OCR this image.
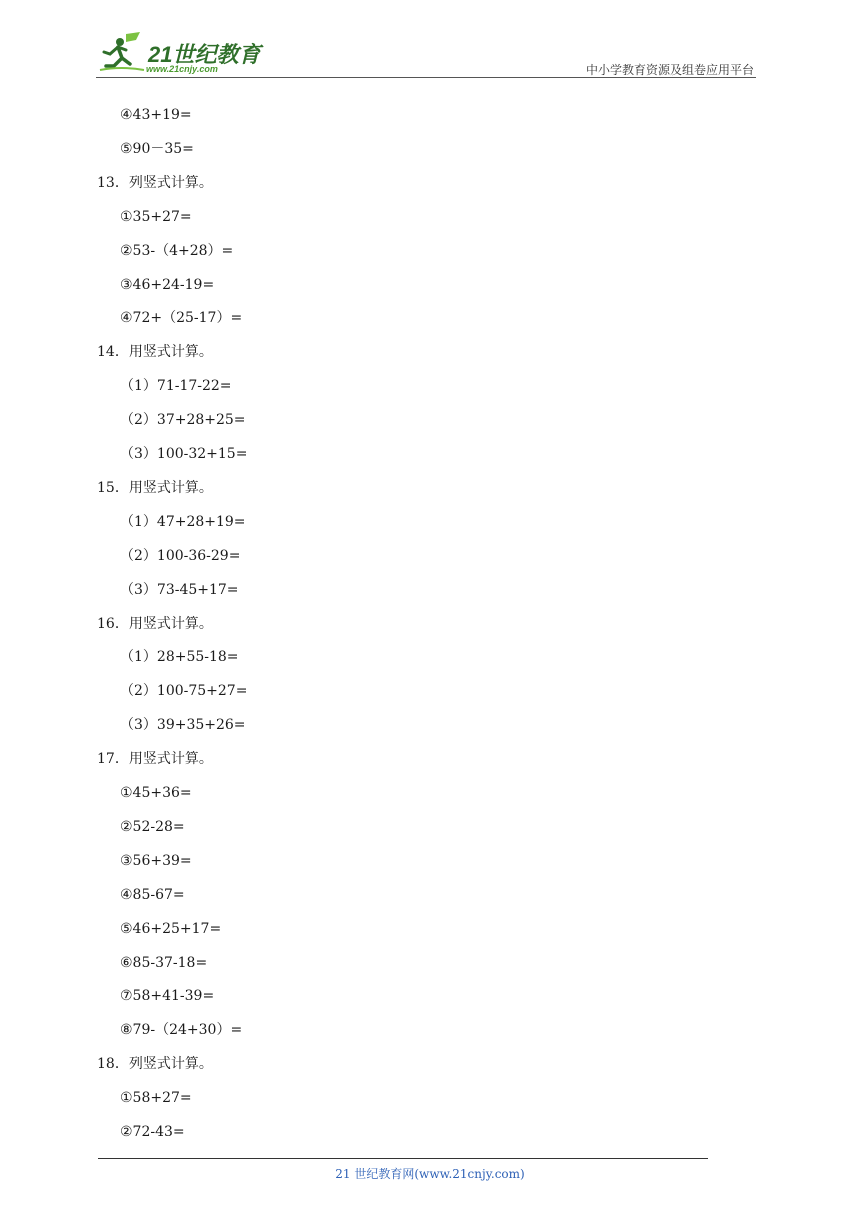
21世纪教育
www.21cnjy.com	中小学教育资源及组卷应用平台
④43+19=
⑤90－35=
13．列竖式计算。
①35+27=
②53-（4+28）=
③46+24-19=
④72+（25-17）=
14．用竖式计算。
（1）71-17-22=
（2）37+28+25=
（3）100-32+15=
15．用竖式计算。
（1）47+28+19=
（2）100-36-29=
（3）73-45+17=
16．用竖式计算。
（1）28+55-18=
（2）100-75+27=
（3）39+35+26=
17．用竖式计算。
①45+36=
②52-28=
③56+39=
④85-67=
⑤46+25+17=
⑥85-37-18=
⑦58+41-39=
⑧79-（24+30）=
18．列竖式计算。
①58+27=
②72-43=
21 世纪教育网(www.21cnjy.com)
